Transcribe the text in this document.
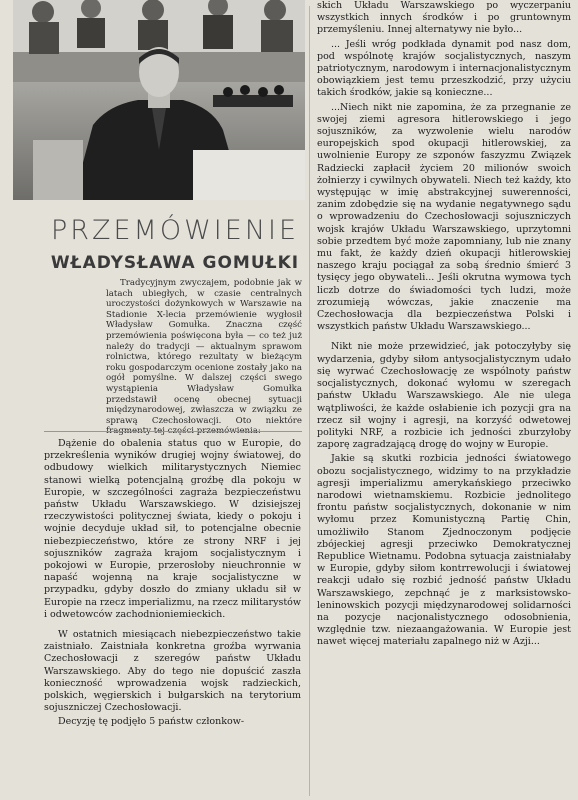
PRZEMÓWIENIE
WŁADYSŁAWA GOMUŁKI

Tradycyjnym zwyczajem, podobnie jak w latach ubiegłych, w czasie centralnych uroczystości dożynkowych w Warszawie na Stadionie X-lecia przemówienie wygłosił Władysław Gomułka. Znaczna część przemówienia poświęcona była — co też już należy do tradycji — aktualnym sprawom rolnictwa, którego rezultaty w bieżącym roku gospodarczym ocenione zostały jako na ogół pomyślne. W dalszej części swego wystąpienia Władysław Gomułka przedstawił ocenę obecnej sytuacji międzynarodowej, zwłaszcza w związku ze sprawą Czechosłowacji. Oto niektóre

Dążenie do obalenia status quo w Europie, do przekreślenia wyników drugiej wojny światowej, do odbudowy wielkich militarystycznych Niemiec stanowi wielką potencjalną groźbę dla pokoju w Europie, w szczególności zagraża bezpieczeństwu państw Układu Warszawskiego. W dzisiejszej rzeczywistości politycznej świata, kiedy o pokoju i wojnie decyduje układ sił, to potencjalne obecnie niebezpieczeństwo, które ze strony NRF i jej sojuszników zagraża krajom socjalistycznym i pokojowi w Europie, przerosłoby nieuchronnie w napaść wojenną na kraje socjalistyczne w przypadku, gdyby doszło do zmiany układu sił w Europie na rzecz imperializmu, na rzecz militarystów i odwetowców zachodnioniemieckich.

W ostatnich miesiącach niebezpieczeństwo takie zaistniało. Zaistniała konkretna groźba wyrwania Czechosłowacji z szeregów państw Układu Warszawskiego. Aby do tego nie dopuścić zaszła konieczność wprowadzenia wojsk radzieckich, polskich, węgierskich i bułgarskich na terytorium sojuszniczej Czechosłowacji.

Decyzję tę podjęło 5 państw członkow-

skich Układu Warszawskiego po wyczerpaniu wszystkich innych środków i po gruntownym przemyśleniu. Innej alternatywy nie było...

... Jeśli wróg podkłada dynamit pod nasz dom, pod wspólnotę krajów socjalistycznych, naszym patriotycznym, narodowym i internacjonalistycznym obowiązkiem jest temu przeszkodzić, przy użyciu takich środków, jakie są konieczne...

...Niech nikt nie zapomina, że za przegnanie ze swojej ziemi agresora hitlerowskiego i jego sojuszników, za wyzwolenie wielu narodów europejskich spod okupacji hitlerowskiej, za uwolnienie Europy ze szponów faszyzmu Związek Radziecki zapłacił życiem 20 milionów swoich żołnierzy i cywilnych obywateli. Niech też każdy, kto występując w imię abstrakcyjnej suwerenności, zanim zdobędzie się na wydanie negatywnego sądu o wprowadzeniu do Czechosłowacji sojuszniczych wojsk krajów Układu Warszawskiego, uprzytomni sobie przedtem być może zapomniany, lub nie znany mu fakt, że każdy dzień okupacji hitlerowskiej naszego kraju pociągał za sobą średnio śmierć 3 tysięcy jego obywateli... Jeśli okrutna wymowa tych liczb dotrze do świadomości tych ludzi, może zrozumieją wówczas, jakie znaczenie ma Czechosłowacja dla bezpieczeństwa Polski i wszystkich państw Układu Warszawskiego...

Nikt nie może przewidzieć, jak potoczyłyby się wydarzenia, gdyby siłom antysocjalistycznym udało się wyrwać Czechosłowację ze wspólnoty państw socjalistycznych, dokonać wyłomu w szeregach państw Układu Warszawskiego. Ale nie ulega wątpliwości, że każde osłabienie ich pozycji gra na rzecz sił wojny i agresji, na korzyść odwetowej polityki NRF, a rozbicie ich jedności zburzyłoby zaporę zagradzającą drogę do wojny w Europie.

Jakie są skutki rozbicia jedności światowego obozu socjalistycznego, widzimy to na przykładzie agresji imperializmu amerykańskiego przeciwko narodowi wietnamskiemu. Rozbicie jednolitego frontu państw socjalistycznych, dokonanie w nim wyłomu przez Komunistyczną Partię Chin, umożliwiło Stanom Zjednoczonym podjęcie zbójeckiej agresji przeciwko Demokratycznej Republice Wietnamu. Podobna sytuacja zaistniałaby w Europie, gdyby siłom kontrrewolucji i światowej reakcji udało się rozbić jedność państw Układu Warszawskiego, zepchnąć je z marksistowsko-leninowskich pozycji międzynarodowej solidarności na pozycje nacjonalistycznego odosobnienia, względnie tzw. niezaangażowania. W Europie jest nawet więcej materiału zapalnego niż w Azji...
